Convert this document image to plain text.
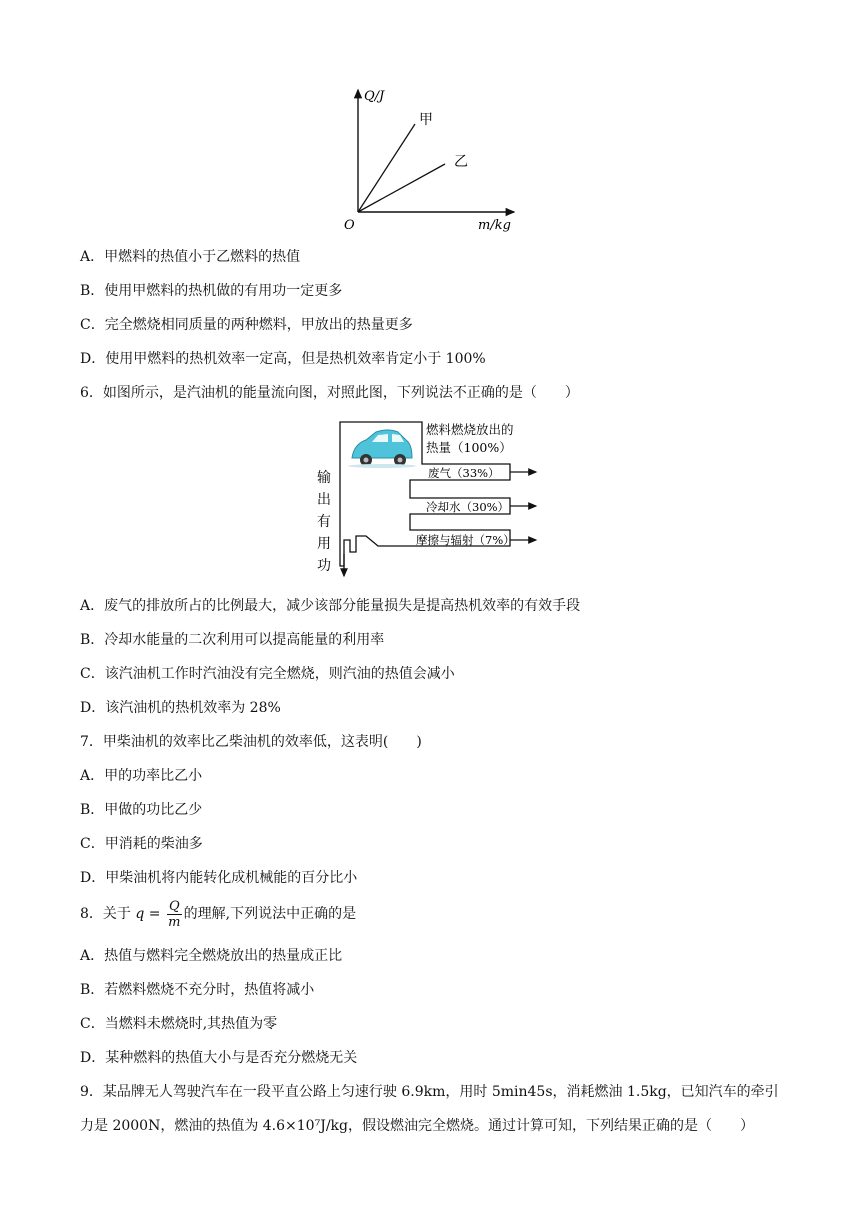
Q/J
m/kg
O
甲
乙
A．甲燃料的热值小于乙燃料的热值
B．使用甲燃料的热机做的有用功一定更多
C．完全燃烧相同质量的两种燃料，甲放出的热量更多
D．使用甲燃料的热机效率一定高，但是热机效率肯定小于 100%
6．如图所示，是汽油机的能量流向图，对照此图，下列说法不正确的是（　　）
燃料燃烧放出的
热量（100%）
废气（33%）
冷却水（30%）
摩擦与辐射（7%）
输
出
有
用
功
A．废气的排放所占的比例最大，减少该部分能量损失是提高热机效率的有效手段
B．冷却水能量的二次利用可以提高能量的利用率
C．该汽油机工作时汽油没有完全燃烧，则汽油的热值会减小
D．该汽油机的热机效率为 28%
7．甲柴油机的效率比乙柴油机的效率低，这表明(　　)
A．甲的功率比乙小
B．甲做的功比乙少
C．甲消耗的柴油多
D．甲柴油机将内能转化成机械能的百分比小
8．关于 $q = \frac{Q}{m}$ 的理解,下列说法中正确的是
A．热值与燃料完全燃烧放出的热量成正比
B．若燃料燃烧不充分时，热值将减小
C．当燃料未燃烧时,其热值为零
D．某种燃料的热值大小与是否充分燃烧无关
9．某品牌无人驾驶汽车在一段平直公路上匀速行驶 6.9km，用时 5min45s，消耗燃油 1.5kg，已知汽车的牵引力是 2000N，燃油的热值为 4.6×10⁷J/kg，假设燃油完全燃烧。通过计算可知，下列结果正确的是（　　）
